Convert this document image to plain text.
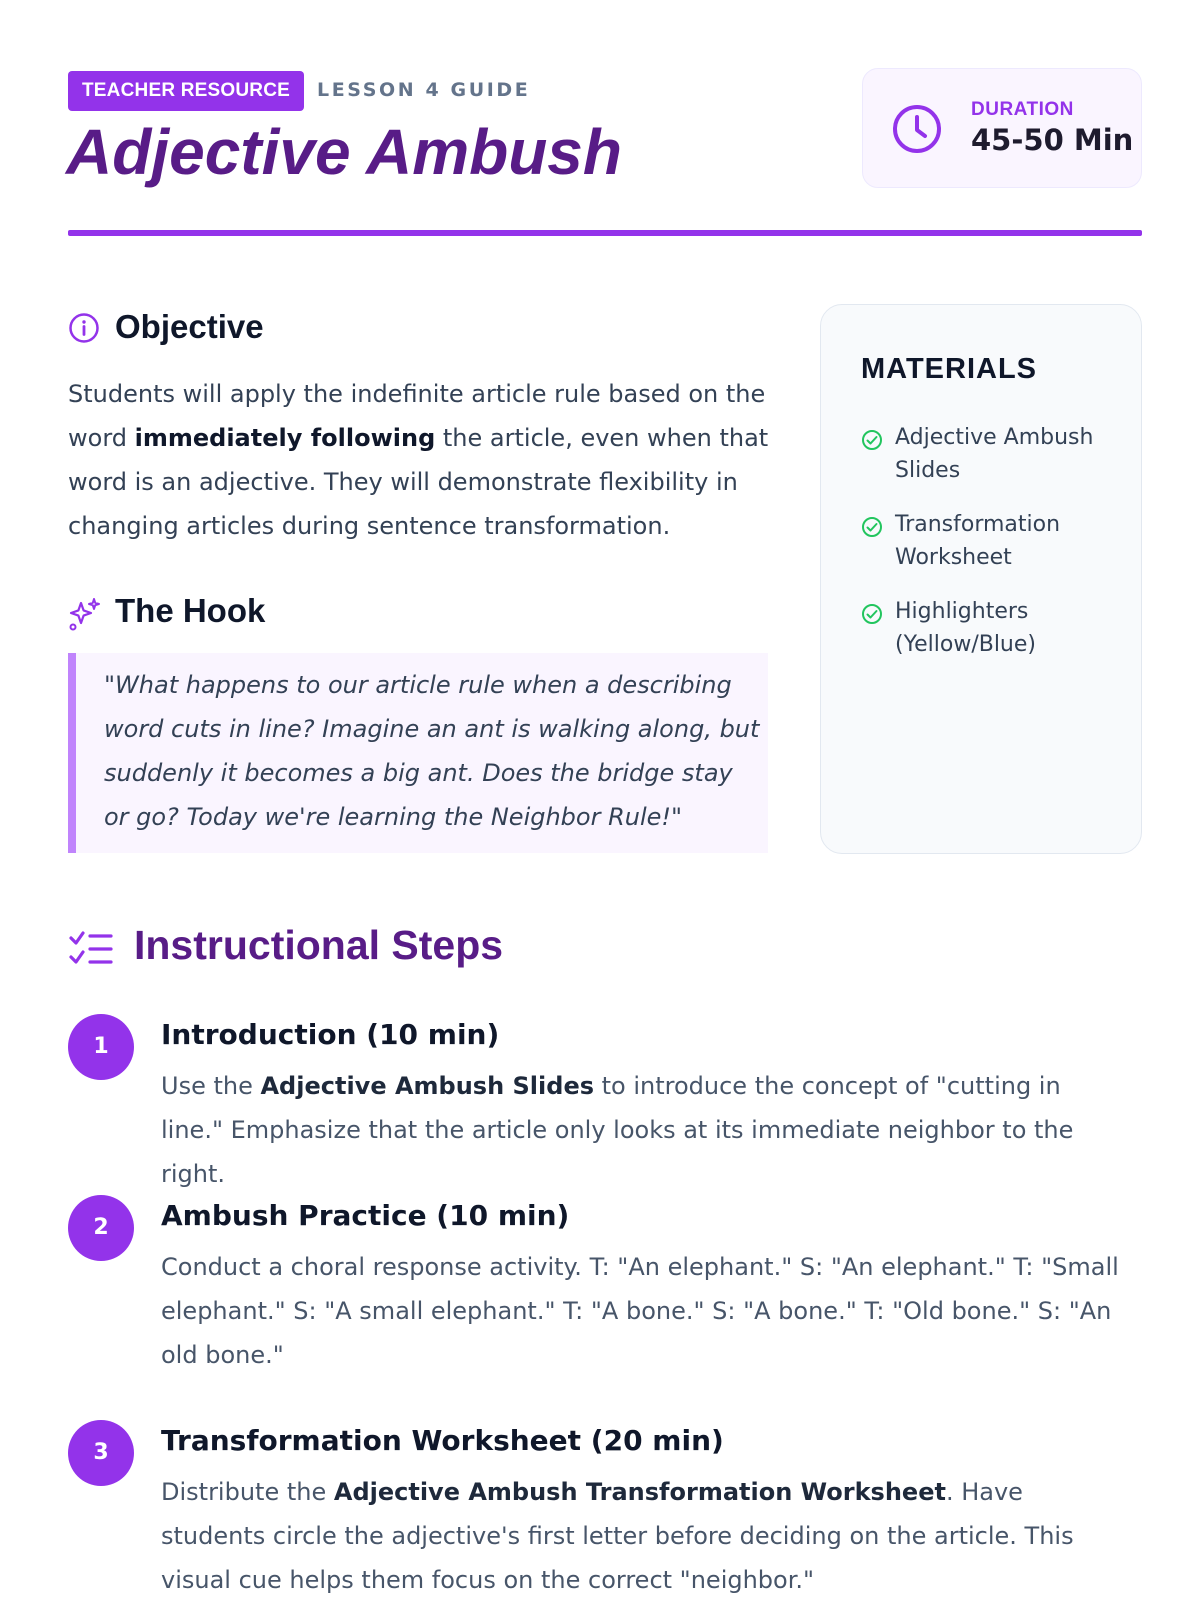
TEACHER RESOURCE	LESSON 4 GUIDE
Adjective Ambush
DURATION
45-50 Min
Objective
Students will apply the indefinite article rule based on the word immediately following the article, even when that word is an adjective. They will demonstrate flexibility in changing articles during sentence transformation.
The Hook
"What happens to our article rule when a describing word cuts in line? Imagine an ant is walking along, but suddenly it becomes a big ant. Does the bridge stay or go? Today we're learning the Neighbor Rule!"
MATERIALS
Adjective Ambush Slides
Transformation Worksheet
Highlighters (Yellow/Blue)
Instructional Steps
1	Introduction (10 min)
Use the Adjective Ambush Slides to introduce the concept of "cutting in line." Emphasize that the article only looks at its immediate neighbor to the right.
2	Ambush Practice (10 min)
Conduct a choral response activity. T: "An elephant." S: "An elephant." T: "Small elephant." S: "A small elephant." T: "A bone." S: "A bone." T: "Old bone." S: "An old bone."
3	Transformation Worksheet (20 min)
Distribute the Adjective Ambush Transformation Worksheet. Have students circle the adjective's first letter before deciding on the article. This visual cue helps them focus on the correct "neighbor."
